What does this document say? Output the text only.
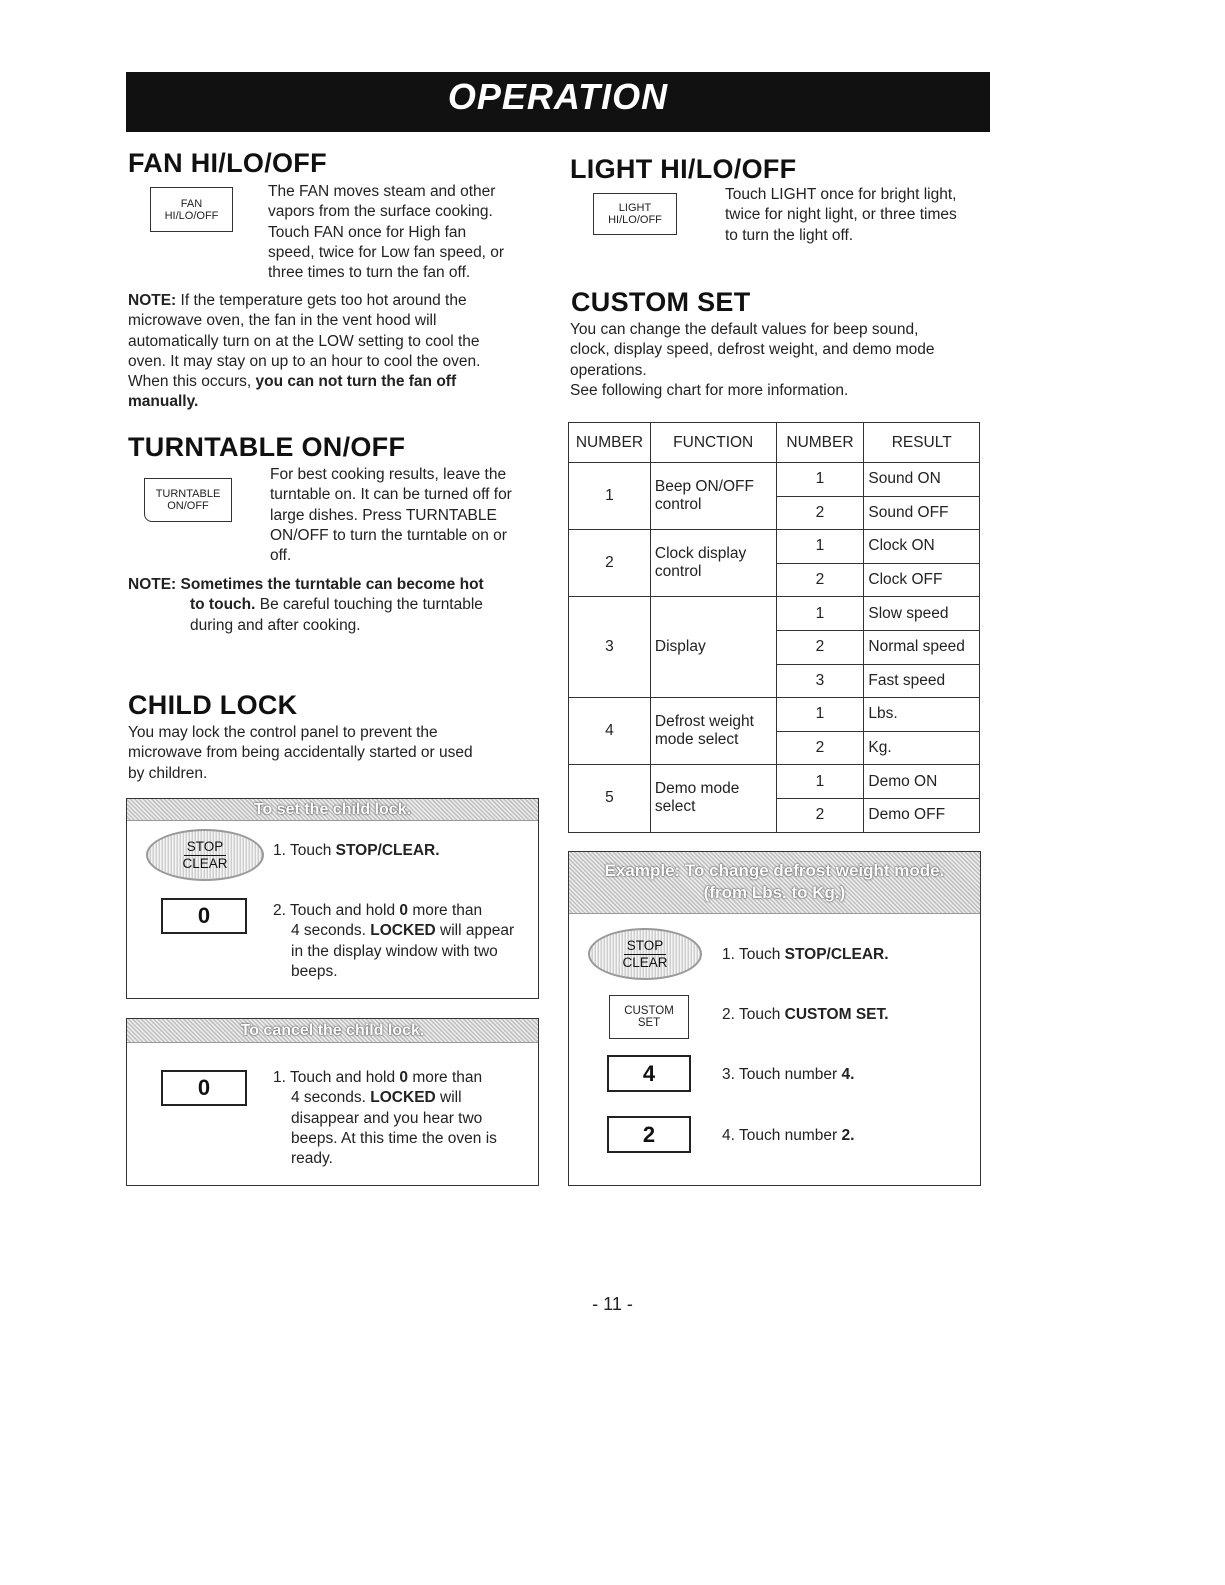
OPERATION
FAN HI/LO/OFF
FAN
HI/LO/OFF
The FAN moves steam and other
vapors from the surface cooking.
Touch FAN once for High fan
speed, twice for Low fan speed, or
three times to turn the fan off.
NOTE: If the temperature gets too hot around the
microwave oven, the fan in the vent hood will
automatically turn on at the LOW setting to cool the
oven. It may stay on up to an hour to cool the oven.
When this occurs, you can not turn the fan off
manually.
TURNTABLE ON/OFF
TURNTABLE
ON/OFF
For best cooking results, leave the
turntable on. It can be turned off for
large dishes. Press TURNTABLE
ON/OFF to turn the turntable on or
off.
NOTE: Sometimes the turntable can become hot
to touch. Be careful touching the turntable
during and after cooking.
CHILD LOCK
You may lock the control panel to prevent the
microwave from being accidentally started or used
by children.
To set the child lock.
STOP
CLEAR
1. Touch STOP/CLEAR.
0	2. Touch and hold 0 more than
4 seconds. LOCKED will appear
in the display window with two
beeps.
To cancel the child lock.
0	1. Touch and hold 0 more than
4 seconds. LOCKED will
disappear and you hear two
beeps. At this time the oven is
ready.
LIGHT HI/LO/OFF
LIGHT
HI/LO/OFF
Touch LIGHT once for bright light,
twice for night light, or three times
to turn the light off.
CUSTOM SET
You can change the default values for beep sound,
clock, display speed, defrost weight, and demo mode
operations.
See following chart for more information.
NUMBER	FUNCTION	NUMBER	RESULT
1	Beep ON/OFF
control	1	Sound ON
		2	Sound OFF
2	Clock display
control	1	Clock ON
		2	Clock OFF
3	Display	1	Slow speed
		2	Normal speed
		3	Fast speed
4	Defrost weight
mode select	1	Lbs.
		2	Kg.
5	Demo mode
select	1	Demo ON
		2	Demo OFF
Example: To change defrost weight mode.
(from Lbs. to Kg.)
STOP
CLEAR	1. Touch STOP/CLEAR.
CUSTOM
SET	2. Touch CUSTOM SET.
4	3. Touch number 4.
2	4. Touch number 2.
- 11 -
